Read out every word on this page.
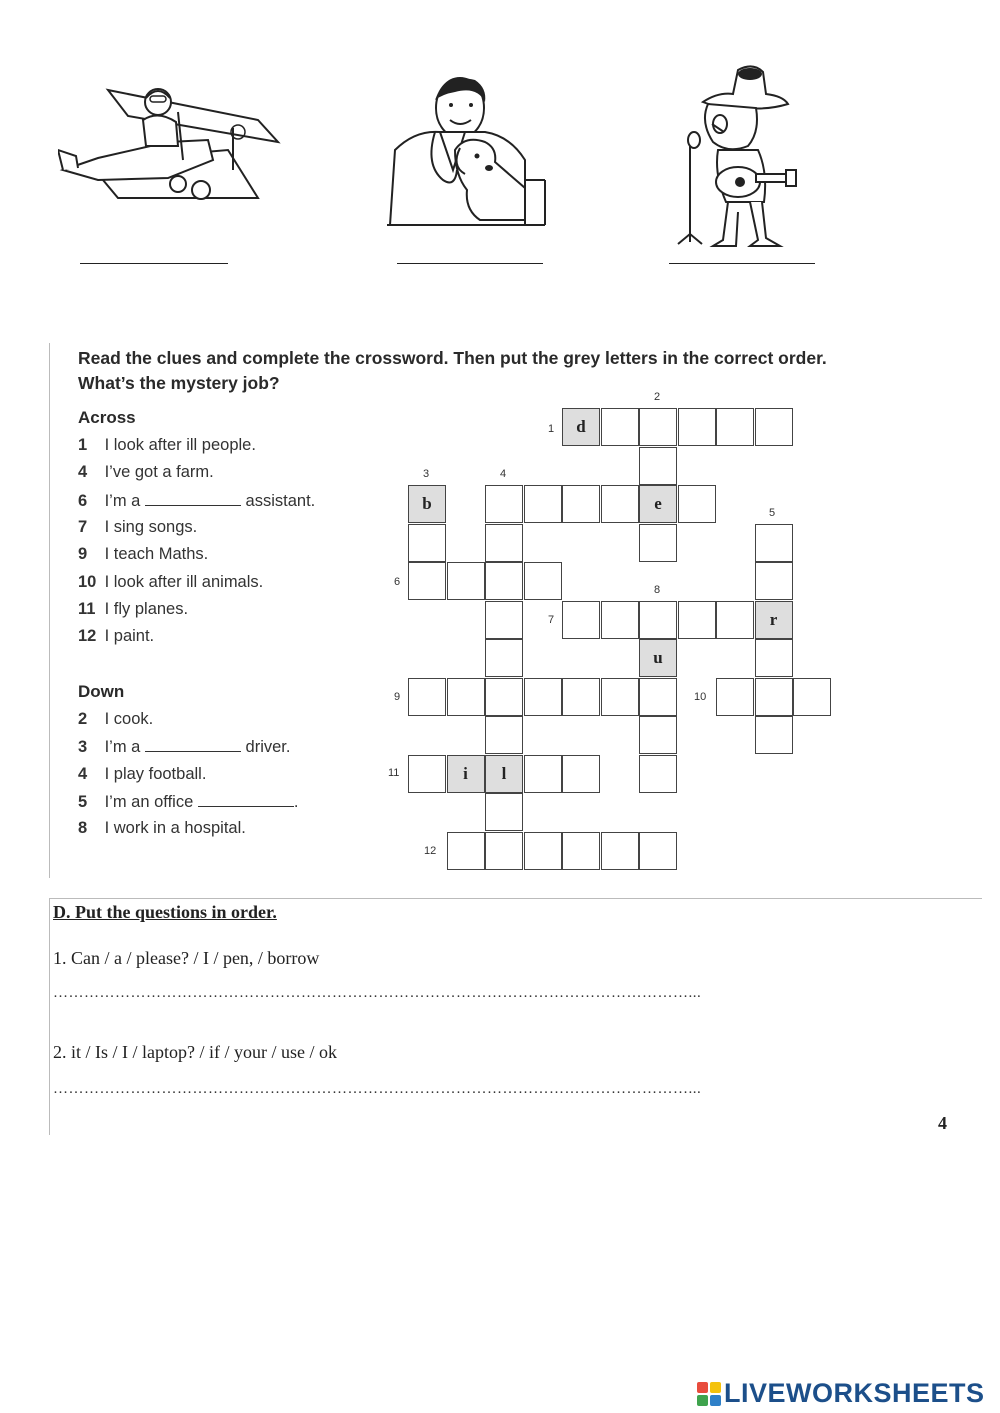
Read the clues and complete the crossword. Then put the grey letters in the correct order. What’s the mystery job?
Across
1 I look after ill people.
4 I’ve got a farm.
6 I’m a	assistant.
7 I sing songs.
9 I teach Maths.
10 I look after ill animals.
11 I fly planes.
12 I paint.
Down
2 I cook.
3 I’m a	driver.
4 I play football.
5 I’m an office	.
8 I work in a hospital.
d
b	e
r
u
i	l
1
2
3	4
5
6
7
8
9	10
11
12
D. Put the questions in order.
1. Can / a / please? / I / pen, / borrow
……………………………………………………………………………………………………………...
2. it / Is / I / laptop? / if / your / use / ok
……………………………………………………………………………………………………………...
4
LIVEWORKSHEETS
